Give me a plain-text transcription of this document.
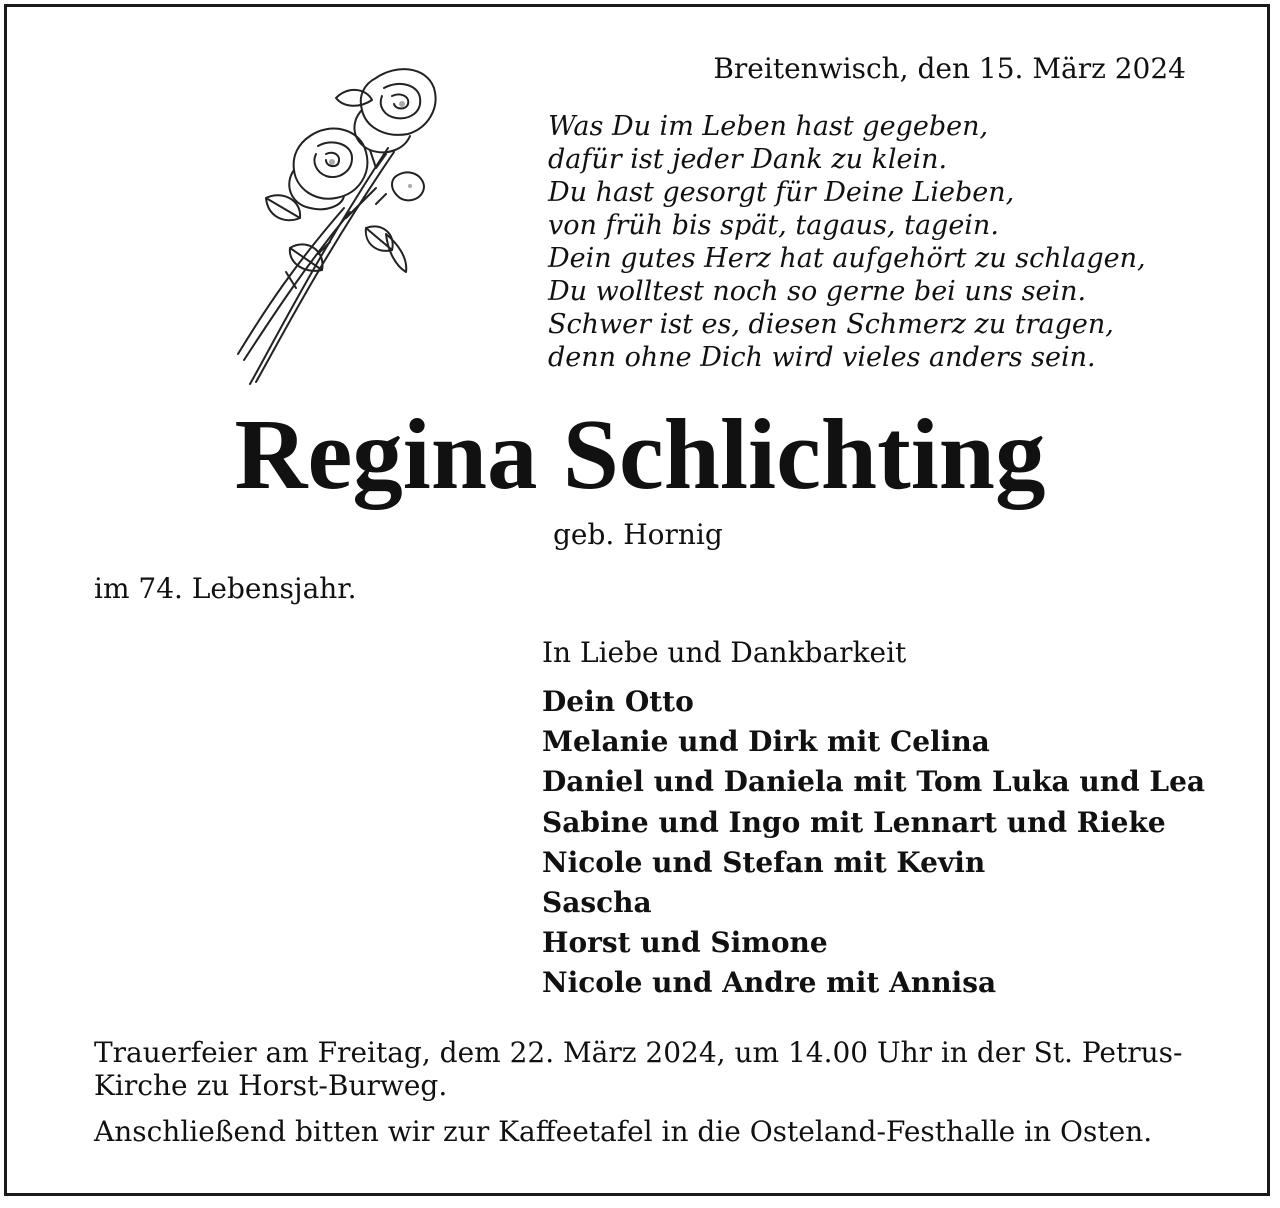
Breitenwisch, den 15. März 2024
Was Du im Leben hast gegeben,
dafür ist jeder Dank zu klein.
Du hast gesorgt für Deine Lieben,
von früh bis spät, tagaus, tagein.
Dein gutes Herz hat aufgehört zu schlagen,
Du wolltest noch so gerne bei uns sein.
Schwer ist es, diesen Schmerz zu tragen,
denn ohne Dich wird vieles anders sein.
Regina Schlichting
geb. Hornig
im 74. Lebensjahr.
In Liebe und Dankbarkeit
Dein Otto
Melanie und Dirk mit Celina
Daniel und Daniela mit Tom Luka und Lea
Sabine und Ingo mit Lennart und Rieke
Nicole und Stefan mit Kevin
Sascha
Horst und Simone
Nicole und Andre mit Annisa

Trauerfeier am Freitag, dem 22. März 2024, um 14.00 Uhr in der St. Petrus-Kirche zu Horst-Burweg.

Anschließend bitten wir zur Kaffeetafel in die Osteland-Festhalle in Osten.
